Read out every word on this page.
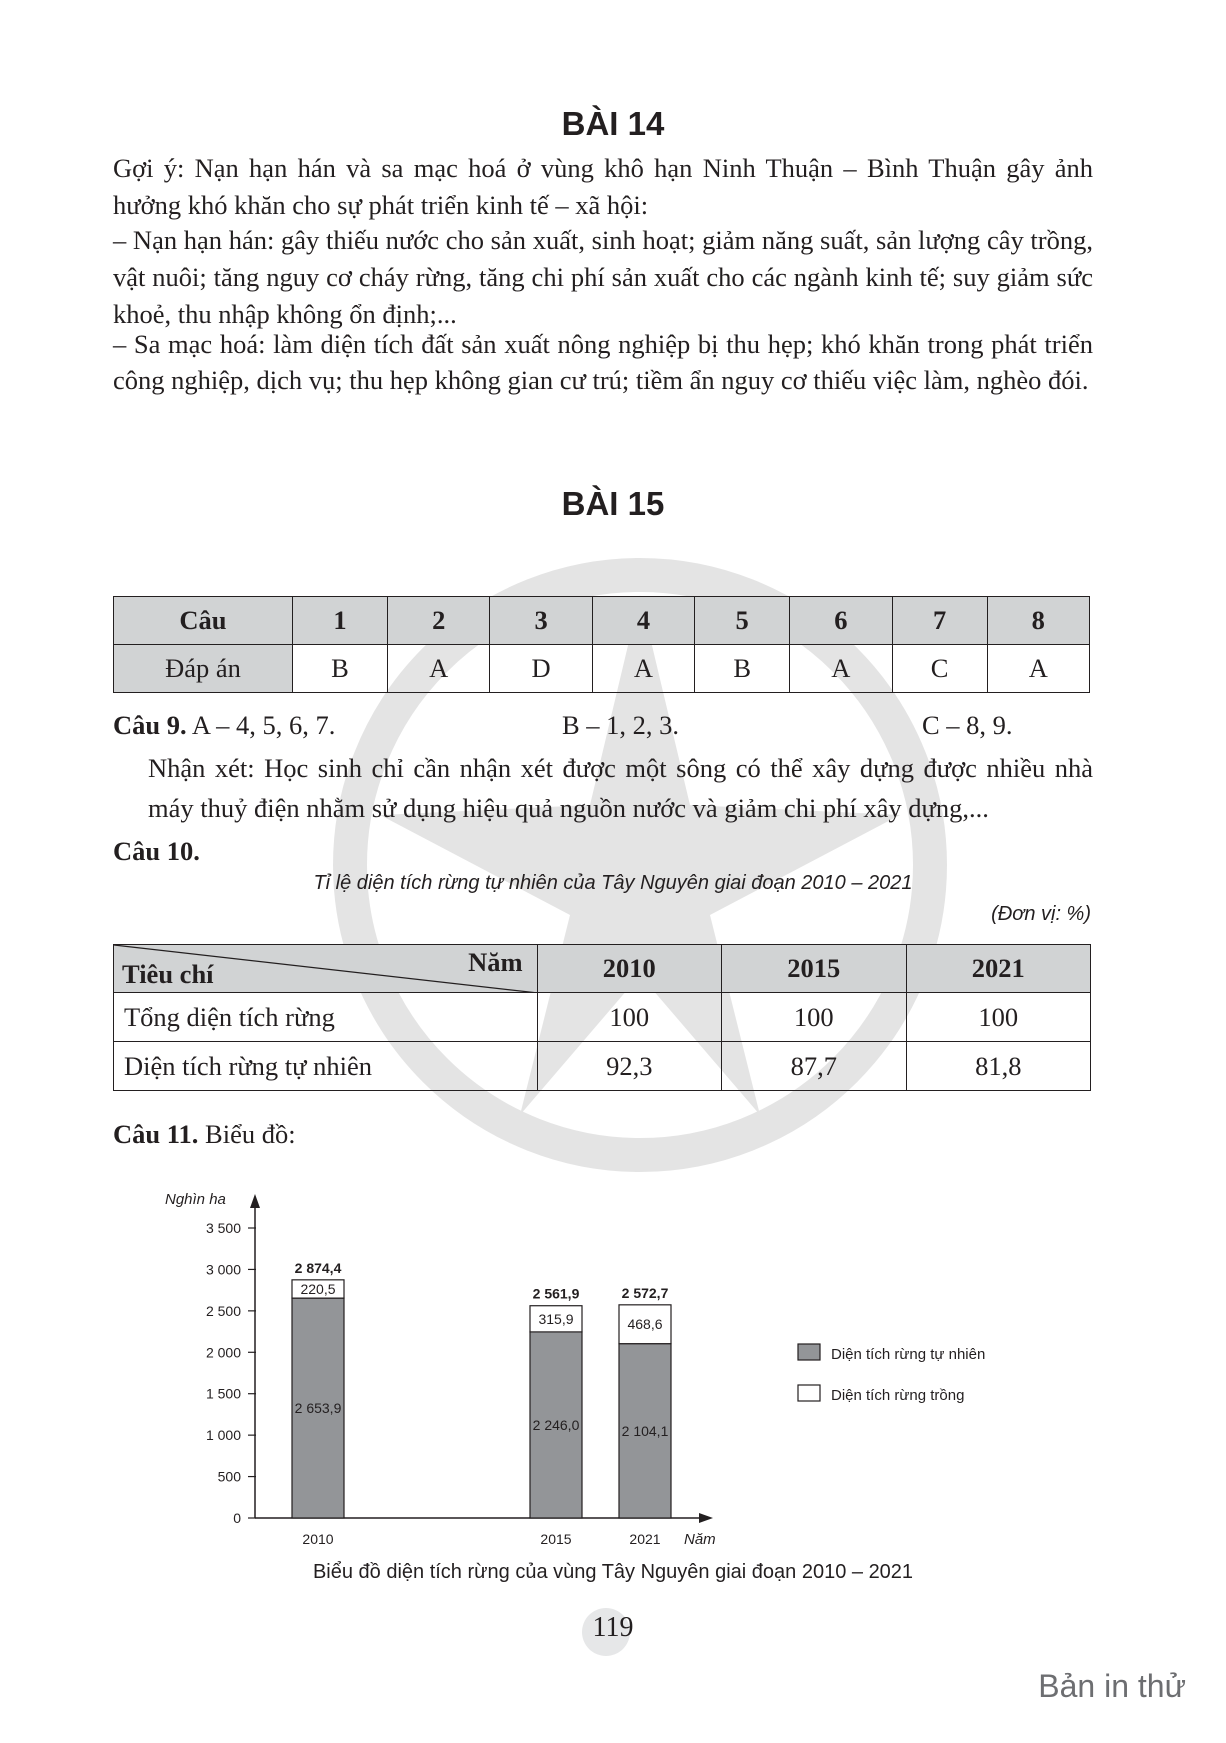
BÀI 14

Gợi ý: Nạn hạn hán và sa mạc hoá ở vùng khô hạn Ninh Thuận – Bình Thuận gây ảnh hưởng khó khăn cho sự phát triển kinh tế – xã hội:

– Nạn hạn hán: gây thiếu nước cho sản xuất, sinh hoạt; giảm năng suất, sản lượng cây trồng, vật nuôi; tăng nguy cơ cháy rừng, tăng chi phí sản xuất cho các ngành kinh tế; suy giảm sức khoẻ, thu nhập không ổn định;...

– Sa mạc hoá: làm diện tích đất sản xuất nông nghiệp bị thu hẹp; khó khăn trong phát triển công nghiệp, dịch vụ; thu hẹp không gian cư trú; tiềm ẩn nguy cơ thiếu việc làm, nghèo đói.

BÀI 15
Câu	1	2	3	4	5	6	7	8
Đáp án	B	A	D	A	B	A	C	A
Câu 9. A – 4, 5, 6, 7.	B – 1, 2, 3.	C – 8, 9.

Nhận xét: Học sinh chỉ cần nhận xét được một sông có thể xây dựng được nhiều nhà máy thuỷ điện nhằm sử dụng hiệu quả nguồn nước và giảm chi phí xây dựng,...

Câu 10.
Tỉ lệ diện tích rừng tự nhiên của Tây Nguyên giai đoạn 2010 – 2021
(Đơn vị: %)
Tiêu chí Năm	2010	2015	2021
Tổng diện tích rừng	100	100	100
Diện tích rừng tự nhiên	92,3	87,7	81,8
Câu 11. Biểu đồ:
Nghìn ha
Năm
0
500
1 000
1 500
2 000
2 500
3 000
3 500
2 653,9
220,5
2 874,4
2010
2 246,0
315,9
2 561,9
2015
2 104,1
468,6
2 572,7
2021
Diện tích rừng tự nhiên
Diện tích rừng trồng
Biểu đồ diện tích rừng của vùng Tây Nguyên giai đoạn 2010 – 2021
119
Bản in thử
